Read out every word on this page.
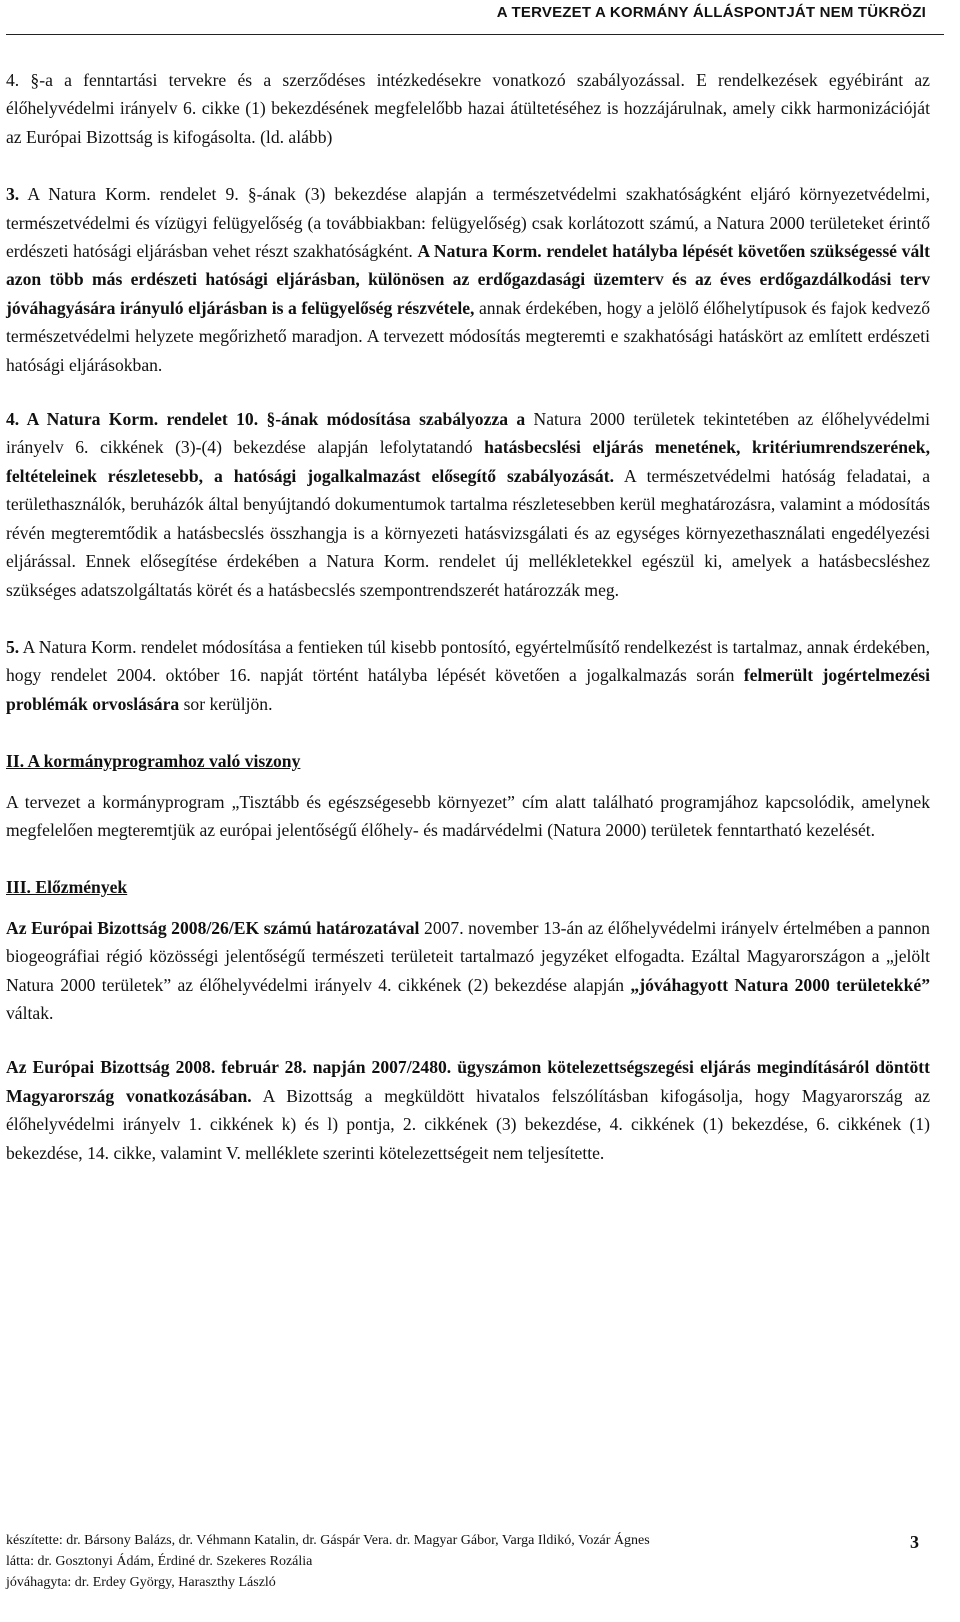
A TERVEZET A KORMÁNY ÁLLÁSPONTJÁT NEM TÜKRÖZI

4. §-a a fenntartási tervekre és a szerződéses intézkedésekre vonatkozó szabályozással. E rendelkezések egyébiránt az élőhelyvédelmi irányelv 6. cikke (1) bekezdésének megfelelőbb hazai átültetéséhez is hozzájárulnak, amely cikk harmonizációját az Európai Bizottság is kifogásolta. (ld. alább)

3. A Natura Korm. rendelet 9. §-ának (3) bekezdése alapján a természetvédelmi szakhatóságként eljáró környezetvédelmi, természetvédelmi és vízügyi felügyelőség (a továbbiakban: felügyelőség) csak korlátozott számú, a Natura 2000 területeket érintő erdészeti hatósági eljárásban vehet részt szakhatóságként. A Natura Korm. rendelet hatályba lépését követően szükségessé vált azon több más erdészeti hatósági eljárásban, különösen az erdőgazdasági üzemterv és az éves erdőgazdálkodási terv jóváhagyására irányuló eljárásban is a felügyelőség részvétele, annak érdekében, hogy a jelölő élőhelytípusok és fajok kedvező természetvédelmi helyzete megőrizhető maradjon. A tervezett módosítás megteremti e szakhatósági hatáskört az említett erdészeti hatósági eljárásokban.

4. A Natura Korm. rendelet 10. §-ának módosítása szabályozza a Natura 2000 területek tekintetében az élőhelyvédelmi irányelv 6. cikkének (3)-(4) bekezdése alapján lefolytatandó hatásbecslési eljárás menetének, kritériumrendszerének, feltételeinek részletesebb, a hatósági jogalkalmazást elősegítő szabályozását. A természetvédelmi hatóság feladatai, a területhasználók, beruházók által benyújtandó dokumentumok tartalma részletesebben kerül meghatározásra, valamint a módosítás révén megteremtődik a hatásbecslés összhangja is a környezeti hatásvizsgálati és az egységes környezethasználati engedélyezési eljárással. Ennek elősegítése érdekében a Natura Korm. rendelet új mellékletekkel egészül ki, amelyek a hatásbecsléshez szükséges adatszolgáltatás körét és a hatásbecslés szempontrendszerét határozzák meg.

5. A Natura Korm. rendelet módosítása a fentieken túl kisebb pontosító, egyértelműsítő rendelkezést is tartalmaz, annak érdekében, hogy rendelet 2004. október 16. napját történt hatályba lépését követően a jogalkalmazás során felmerült jogértelmezési problémák orvoslására sor kerüljön.

II. A kormányprogramhoz való viszony

A tervezet a kormányprogram „Tisztább és egészségesebb környezet” cím alatt található programjához kapcsolódik, amelynek megfelelően megteremtjük az európai jelentőségű élőhely- és madárvédelmi (Natura 2000) területek fenntartható kezelését.

III. Előzmények

Az Európai Bizottság 2008/26/EK számú határozatával 2007. november 13-án az élőhelyvédelmi irányelv értelmében a pannon biogeográfiai régió közösségi jelentőségű természeti területeit tartalmazó jegyzéket elfogadta. Ezáltal Magyarországon a „jelölt Natura 2000 területek” az élőhelyvédelmi irányelv 4. cikkének (2) bekezdése alapján „jóváhagyott Natura 2000 területekké” váltak.

Az Európai Bizottság 2008. február 28. napján 2007/2480. ügyszámon kötelezettségszegési eljárás megindításáról döntött Magyarország vonatkozásában. A Bizottság a megküldött hivatalos felszólításban kifogásolja, hogy Magyarország az élőhelyvédelmi irányelv 1. cikkének k) és l) pontja, 2. cikkének (3) bekezdése, 4. cikkének (1) bekezdése, 6. cikkének (1) bekezdése, 14. cikke, valamint V. melléklete szerinti kötelezettségeit nem teljesítette.

készítette: dr. Bársony Balázs, dr. Véhmann Katalin, dr. Gáspár Vera. dr. Magyar Gábor, Varga Ildikó, Vozár Ágnes
látta: dr. Gosztonyi Ádám, Érdiné dr. Szekeres Rozália
jóváhagyta: dr. Erdey György, Haraszthy László
3
